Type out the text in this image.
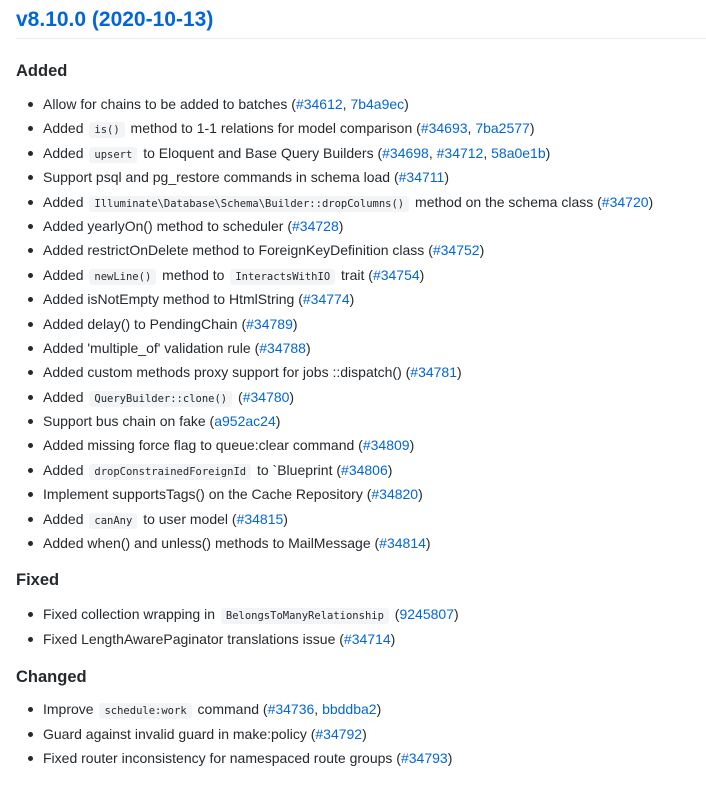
v8.10.0 (2020-10-13)
Added
Allow for chains to be added to batches (#34612, 7b4a9ec)
Added is() method to 1-1 relations for model comparison (#34693, 7ba2577)
Added upsert to Eloquent and Base Query Builders (#34698, #34712, 58a0e1b)
Support psql and pg_restore commands in schema load (#34711)
Added Illuminate\Database\Schema\Builder::dropColumns() method on the schema class (#34720)
Added yearlyOn() method to scheduler (#34728)
Added restrictOnDelete method to ForeignKeyDefinition class (#34752)
Added newLine() method to InteractsWithIO trait (#34754)
Added isNotEmpty method to HtmlString (#34774)
Added delay() to PendingChain (#34789)
Added 'multiple_of' validation rule (#34788)
Added custom methods proxy support for jobs ::dispatch() (#34781)
Added QueryBuilder::clone() (#34780)
Support bus chain on fake (a952ac24)
Added missing force flag to queue:clear command (#34809)
Added dropConstrainedForeignId to `Blueprint (#34806)
Implement supportsTags() on the Cache Repository (#34820)
Added canAny to user model (#34815)
Added when() and unless() methods to MailMessage (#34814)
Fixed
Fixed collection wrapping in BelongsToManyRelationship (9245807)
Fixed LengthAwarePaginator translations issue (#34714)
Changed
Improve schedule:work command (#34736, bbddba2)
Guard against invalid guard in make:policy (#34792)
Fixed router inconsistency for namespaced route groups (#34793)
